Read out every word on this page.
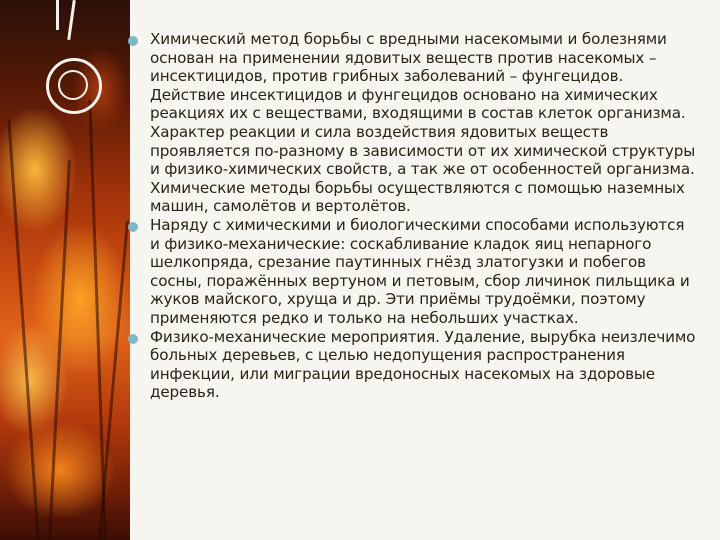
Химический метод борьбы с вредными насекомыми и болезнями основан на применении ядовитых веществ против насекомых – инсектицидов, против грибных заболеваний – фунгецидов. Действие инсектицидов и фунгецидов основано на химических реакциях их с веществами, входящими в состав клеток организма. Характер реакции и сила воздействия ядовитых веществ проявляется по-разному в зависимости от их химической структуры и физико-химических свойств, а так же от особенностей организма. Химические методы борьбы осуществляются с помощью наземных машин, самолётов и вертолётов.
Наряду с химическими и биологическими способами используются и физико-механические: соскабливание кладок яиц непарного шелкопряда, срезание паутинных гнёзд златогузки и побегов сосны, поражённых вертуном и петовым, сбор личинок пильщика и жуков майского, хруща и др. Эти приёмы трудоёмки, поэтому применяются редко и только на небольших участках.
Физико-механические мероприятия. Удаление, вырубка неизлечимо больных деревьев, с целью недопущения распространения инфекции, или миграции вредоносных насекомых на здоровые деревья.
